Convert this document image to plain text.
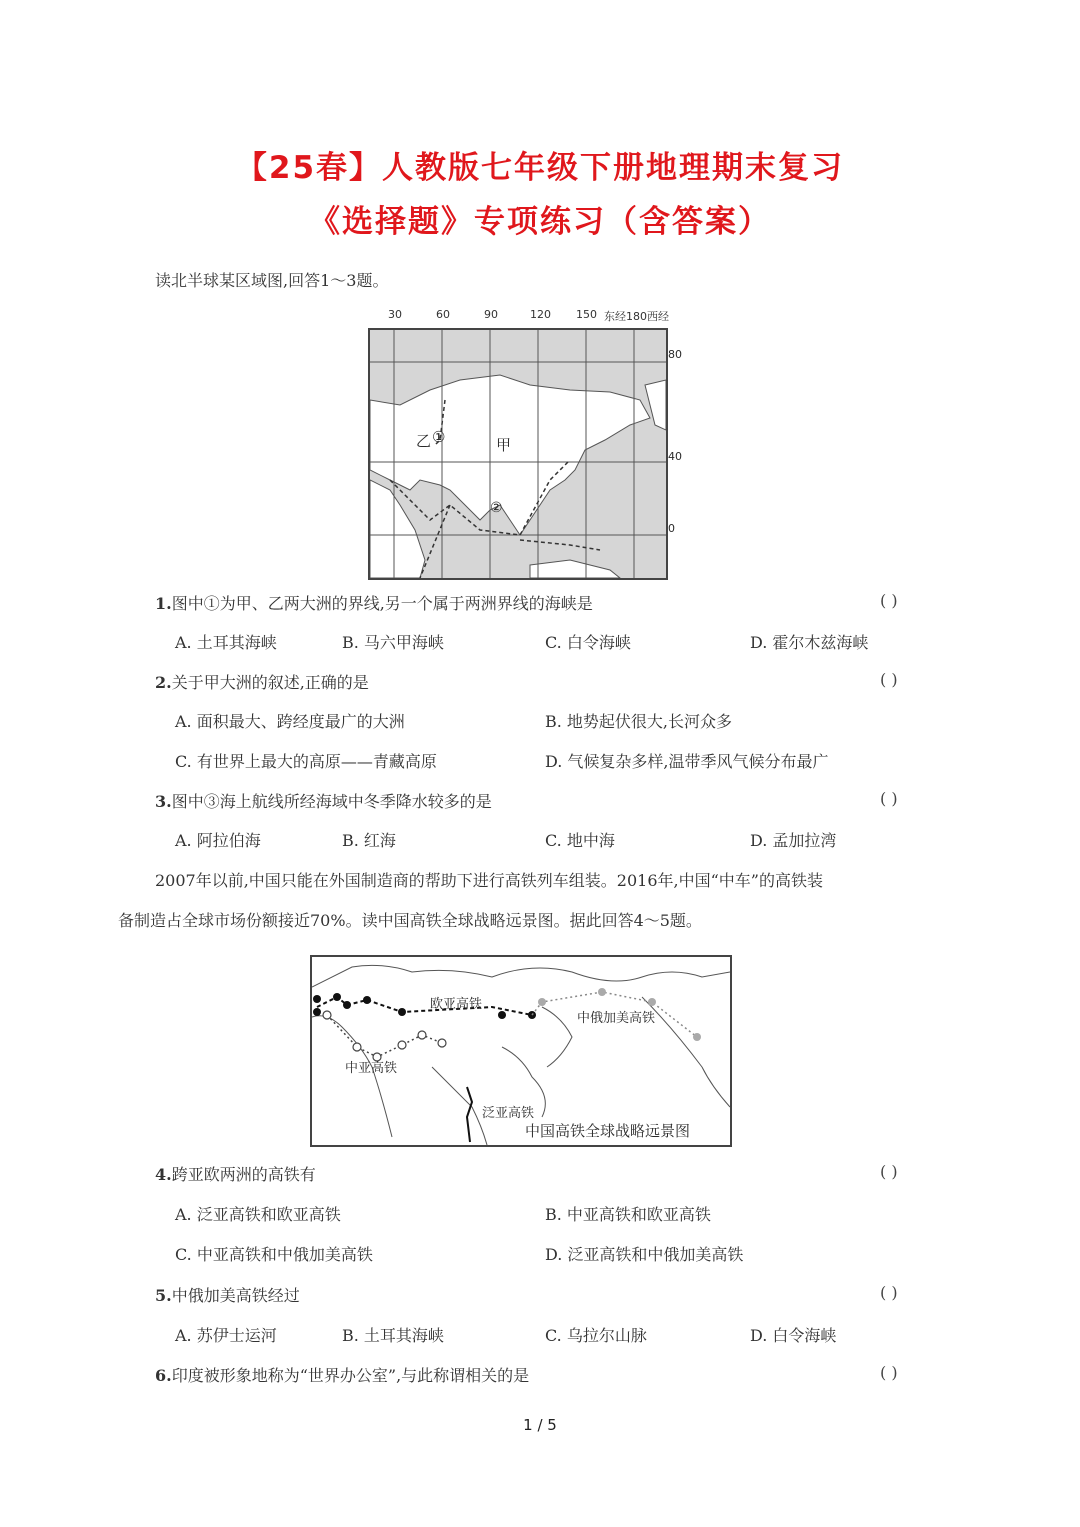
【25春】人教版七年级下册地理期末复习
《选择题》专项练习（含答案）
读北半球某区域图,回答1～3题。
30	60	90	120 150 东经180西经
乙 ①	甲
②
80
40
0
1.图中①为甲、乙两大洲的界线,另一个属于两洲界线的海峡是	( )
A. 土耳其海峡	B. 马六甲海峡	C. 白令海峡	D. 霍尔木兹海峡
2.关于甲大洲的叙述,正确的是	( )
A. 面积最大、跨经度最广的大洲	B. 地势起伏很大,长河众多
C. 有世界上最大的高原——青藏高原	D. 气候复杂多样,温带季风气候分布最广
3.图中③海上航线所经海域中冬季降水较多的是	( )
A. 阿拉伯海	B. 红海	C. 地中海	D. 孟加拉湾
2007年以前,中国只能在外国制造商的帮助下进行高铁列车组装。2016年,中国“中车”的高铁装
备制造占全球市场份额接近70%。读中国高铁全球战略远景图。据此回答4～5题。
欧亚高铁
中俄加美高铁
中亚高铁
泛亚高铁
中国高铁全球战略远景图
4.跨亚欧两洲的高铁有	( )
A. 泛亚高铁和欧亚高铁	B. 中亚高铁和欧亚高铁
C. 中亚高铁和中俄加美高铁	D. 泛亚高铁和中俄加美高铁
5.中俄加美高铁经过	( )
A. 苏伊士运河	B. 土耳其海峡	C. 乌拉尔山脉	D. 白令海峡
6.印度被形象地称为“世界办公室”,与此称谓相关的是	( )
1 / 5
